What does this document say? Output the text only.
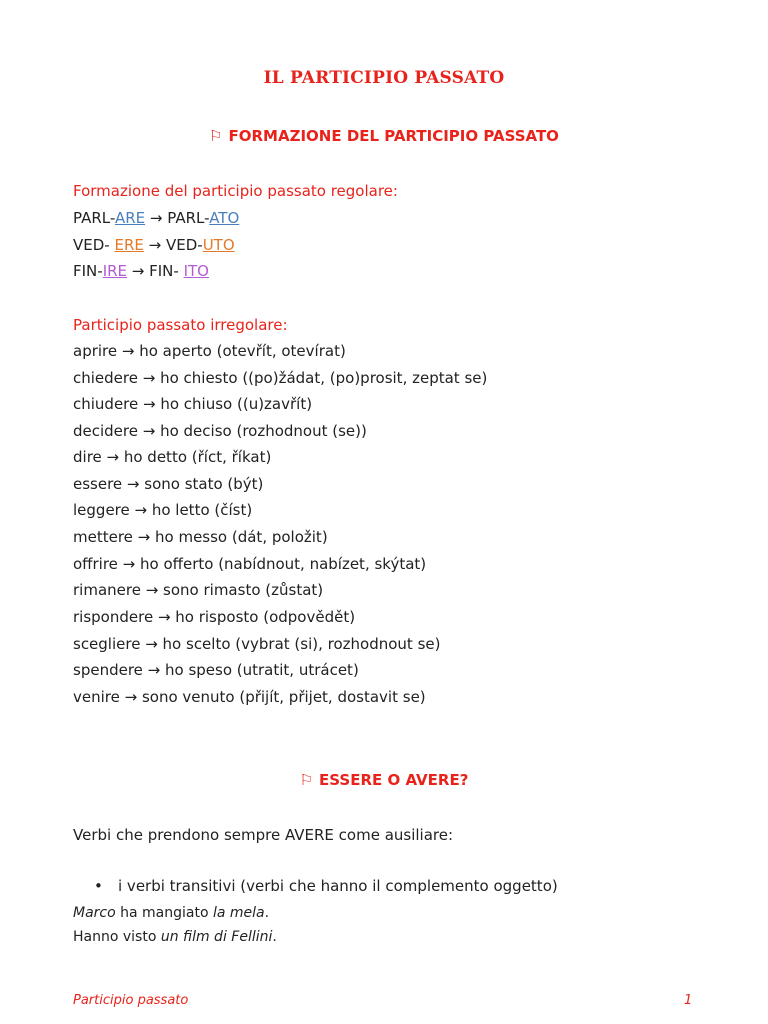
IL PARTICIPIO PASSATO
⚐ FORMAZIONE DEL PARTICIPIO PASSATO
Formazione del participio passato regolare:
PARL-ARE → PARL-ATO
VED- ERE → VED-UTO
FIN-IRE → FIN- ITO
Participio passato irregolare:
aprire → ho aperto (otevřít, otevírat)
chiedere → ho chiesto ((po)žádat, (po)prosit, zeptat se)
chiudere → ho chiuso ((u)zavřít)
decidere → ho deciso (rozhodnout (se))
dire → ho detto (říct, říkat)
essere → sono stato (být)
leggere → ho letto (číst)
mettere → ho messo (dát, položit)
offrire → ho offerto (nabídnout, nabízet, skýtat)
rimanere → sono rimasto (zůstat)
rispondere → ho risposto (odpovědět)
scegliere → ho scelto (vybrat (si), rozhodnout se)
spendere → ho speso (utratit, utrácet)
venire → sono venuto (přijít, přijet, dostavit se)
⚐ ESSERE O AVERE?
Verbi che prendono sempre AVERE come ausiliare:
• i verbi transitivi (verbi che hanno il complemento oggetto)
Marco ha mangiato la mela.
Hanno visto un film di Fellini.
Participio passato	1
